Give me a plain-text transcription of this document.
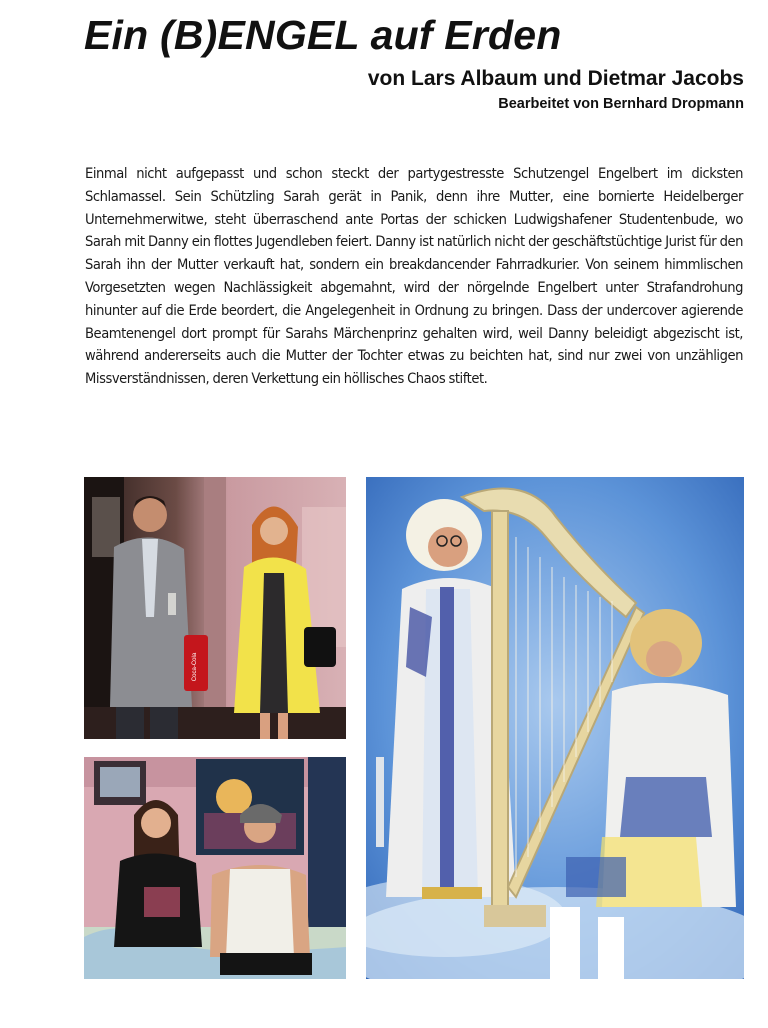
Ein (B)ENGEL auf Erden
von Lars Albaum und Dietmar Jacobs
Bearbeitet von Bernhard Dropmann

Einmal nicht aufgepasst und schon steckt der partygestresste Schutzengel Engelbert im dicksten Schlamassel. Sein Schützling Sarah gerät in Panik, denn ihre Mutter, eine bornierte Heidelberger Unternehmerwitwe, steht überraschend ante Portas der schicken Ludwigshafener Studentenbude, wo Sarah mit Danny ein flottes Jugendleben feiert. Danny ist natürlich nicht der geschäftstüchtige Jurist für den Sarah ihn der Mutter verkauft hat, sondern ein breakdancender Fahrradkurier. Von seinem himmlischen Vorgesetzten wegen Nachlässigkeit abgemahnt, wird der nörgelnde Engelbert unter Strafandrohung hinunter auf die Erde beordert, die Angelegenheit in Ordnung zu bringen. Dass der undercover agierende Beamtenengel dort prompt für Sarahs Märchenprinz gehalten wird, weil Danny beleidigt abgezischt ist, während andererseits auch die Mutter der Tochter etwas zu beichten hat, sind nur zwei von unzähligen Missverständnissen, deren Verkettung ein höllisches Chaos stiftet.

Coca-Cola
